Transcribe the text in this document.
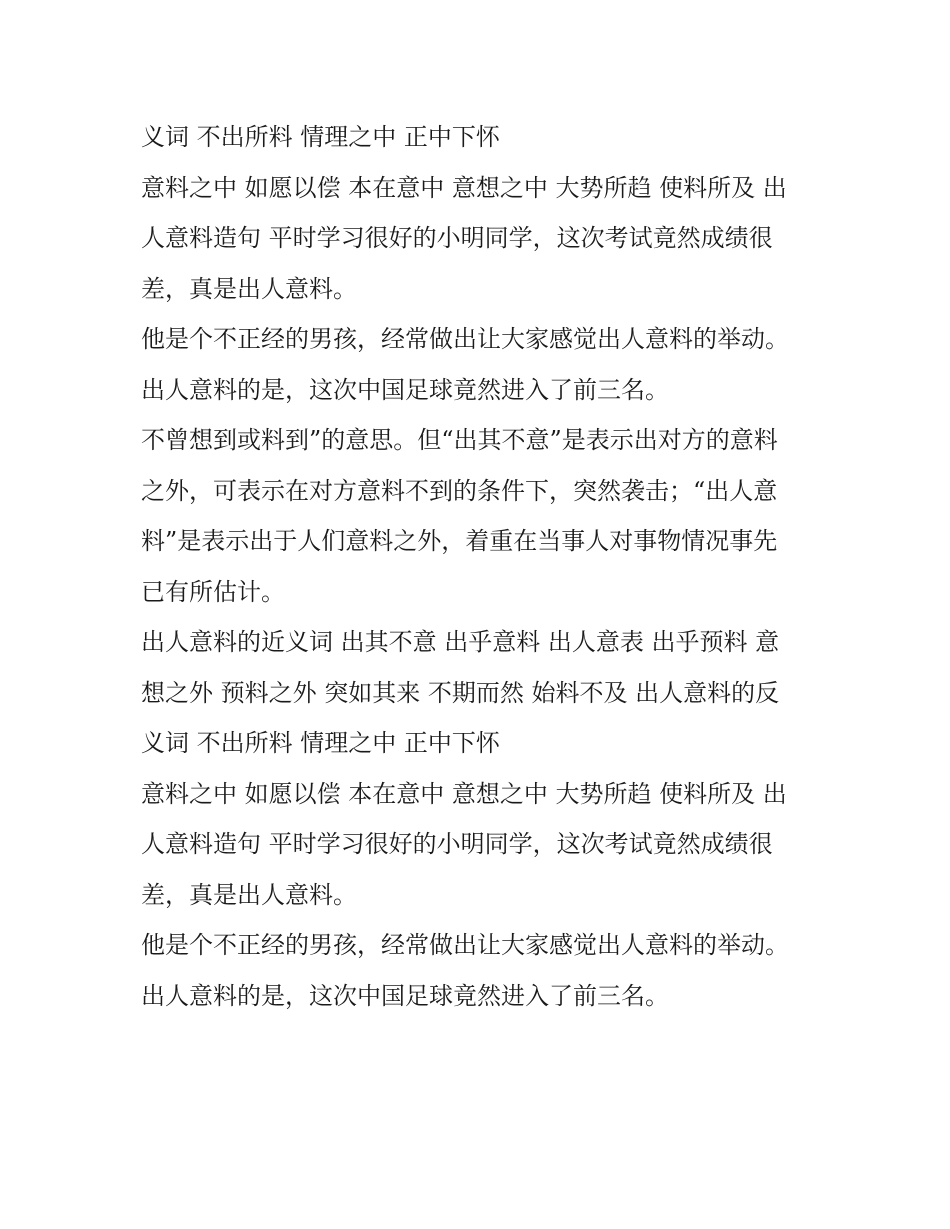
义词 不出所料 情理之中 正中下怀
意料之中 如愿以偿 本在意中 意想之中 大势所趋 使料所及 出
人意料造句 平时学习很好的小明同学，这次考试竟然成绩很
差，真是出人意料。
他是个不正经的男孩，经常做出让大家感觉出人意料的举动。
出人意料的是，这次中国足球竟然进入了前三名。
不曾想到或料到”的意思。但“出其不意”是表示出对方的意料
之外，可表示在对方意料不到的条件下，突然袭击；“出人意
料”是表示出于人们意料之外，着重在当事人对事物情况事先
已有所估计。
出人意料的近义词 出其不意 出乎意料 出人意表 出乎预料 意
想之外 预料之外 突如其来 不期而然 始料不及 出人意料的反
义词 不出所料 情理之中 正中下怀
意料之中 如愿以偿 本在意中 意想之中 大势所趋 使料所及 出
人意料造句 平时学习很好的小明同学，这次考试竟然成绩很
差，真是出人意料。
他是个不正经的男孩，经常做出让大家感觉出人意料的举动。
出人意料的是，这次中国足球竟然进入了前三名。
